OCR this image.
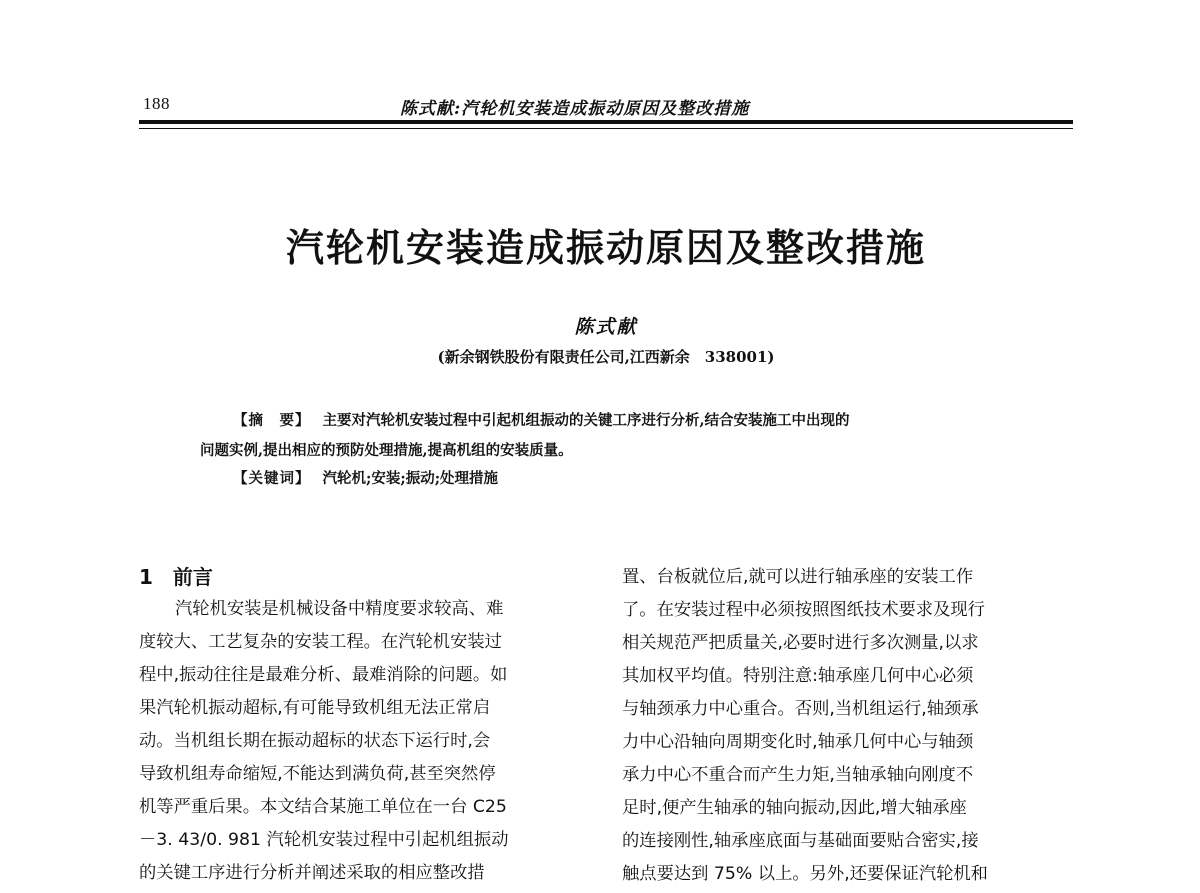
188	陈式献:汽轮机安装造成振动原因及整改措施
汽轮机安装造成振动原因及整改措施
陈式献
(新余钢铁股份有限责任公司,江西新余　338001)
【摘　要】 主要对汽轮机安装过程中引起机组振动的关键工序进行分析,结合安装施工中出现的
问题实例,提出相应的预防处理措施,提高机组的安装质量。
【关键词】 汽轮机;安装;振动;处理措施
1 前言
汽轮机安装是机械设备中精度要求较高、难
度较大、工艺复杂的安装工程。在汽轮机安装过
程中,振动往往是最难分析、最难消除的问题。如
果汽轮机振动超标,有可能导致机组无法正常启
动。当机组长期在振动超标的状态下运行时,会
导致机组寿命缩短,不能达到满负荷,甚至突然停
机等严重后果。本文结合某施工单位在一台 C25
－3. 43/0. 981 汽轮机安装过程中引起机组振动
的关键工序进行分析并阐述采取的相应整改措
置、台板就位后,就可以进行轴承座的安装工作
了。在安装过程中必须按照图纸技术要求及现行
相关规范严把质量关,必要时进行多次测量,以求
其加权平均值。特别注意:轴承座几何中心必须
与轴颈承力中心重合。否则,当机组运行,轴颈承
力中心沿轴向周期变化时,轴承几何中心与轴颈
承力中心不重合而产生力矩,当轴承轴向刚度不
足时,便产生轴承的轴向振动,因此,增大轴承座
的连接刚性,轴承座底面与基础面要贴合密实,接
触点要达到 75% 以上。另外,还要保证汽轮机和
